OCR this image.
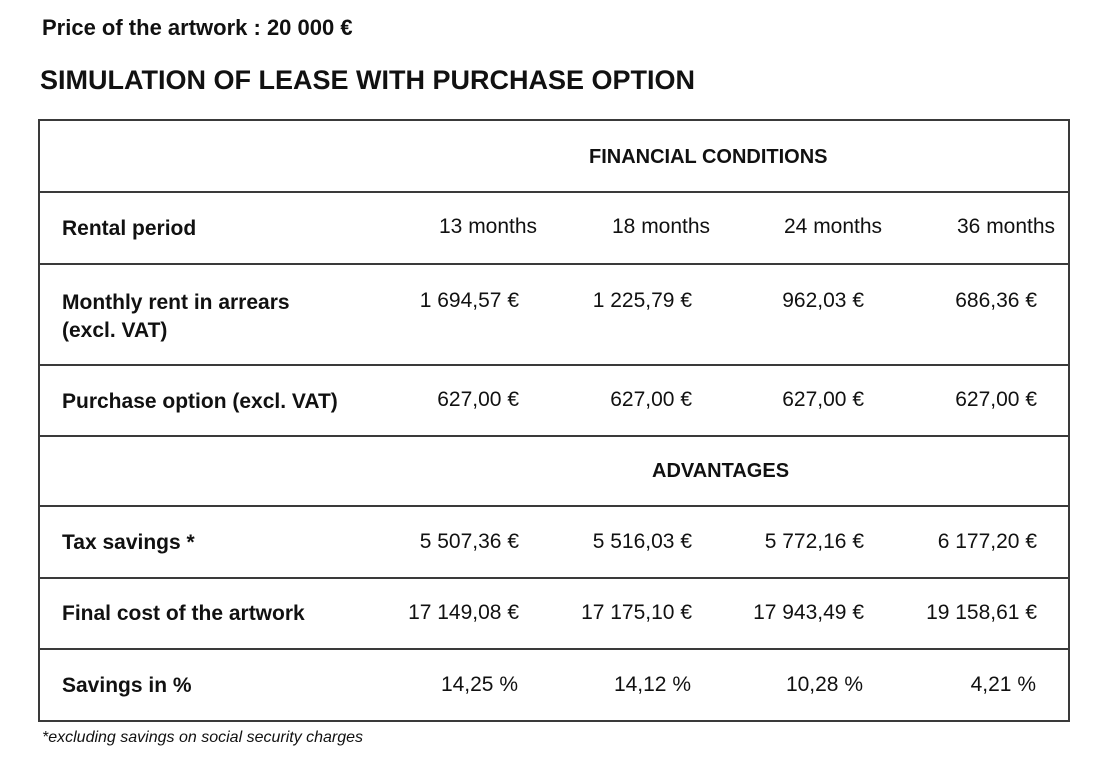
Price of the artwork : 20 000 €
SIMULATION OF LEASE WITH PURCHASE OPTION
FINANCIAL CONDITIONS
Rental period	13 months	18 months	24 months	36 months
Monthly rent in arrears
(excl. VAT)
1 694,57 €	1 225,79 €	962,03 €	686,36 €
Purchase option (excl. VAT)	627,00 €	627,00 €	627,00 €	627,00 €
ADVANTAGES
Tax savings *	5 507,36 €	5 516,03 €	5 772,16 €	6 177,20 €
Final cost of the artwork	17 149,08 €	17 175,10 €	17 943,49 €	19 158,61 €
Savings in %	14,25 %	14,12 %	10,28 %	4,21 %
*excluding savings on social security charges
